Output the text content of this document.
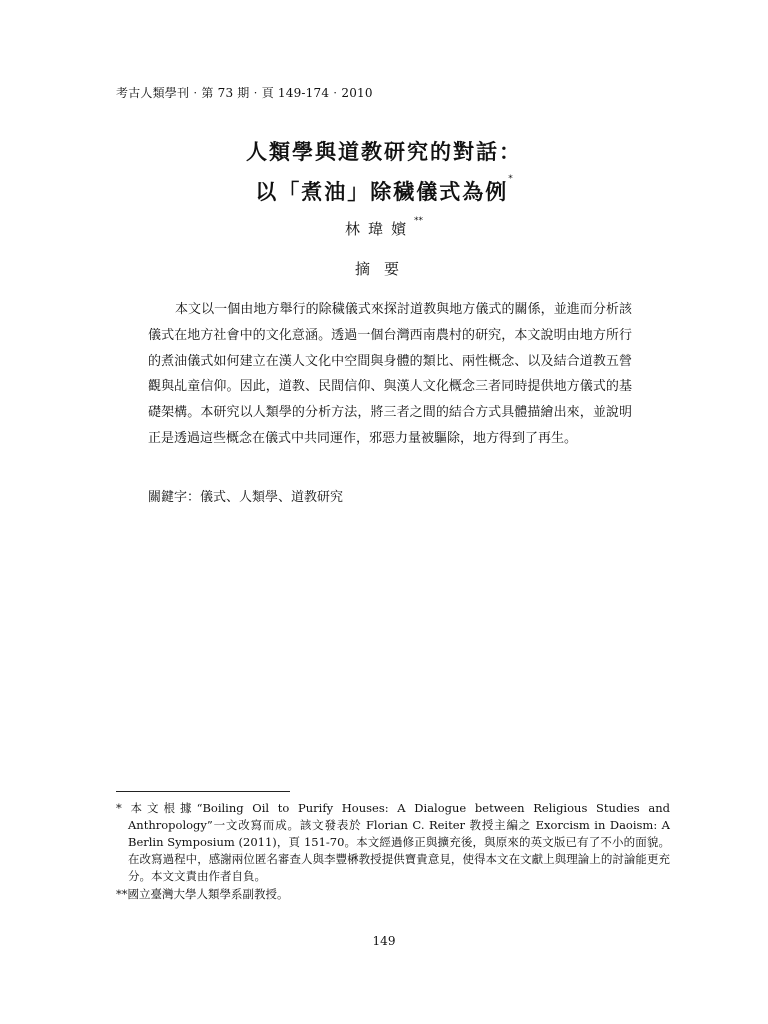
考古人類學刊‧第 73 期‧頁 149-174‧2010
人類學與道教研究的對話：
以「煮油」除穢儀式為例*
林瑋嬪**
摘要

本文以一個由地方舉行的除穢儀式來探討道教與地方儀式的關係，並進而分析該儀式在地方社會中的文化意涵。透過一個台灣西南農村的研究，本文說明由地方所行的煮油儀式如何建立在漢人文化中空間與身體的類比、兩性概念、以及結合道教五營觀與乩童信仰。因此，道教、民間信仰、與漢人文化概念三者同時提供地方儀式的基礎架構。本研究以人類學的分析方法，將三者之間的結合方式具體描繪出來，並說明正是透過這些概念在儀式中共同運作，邪惡力量被驅除，地方得到了再生。

關鍵字：儀式、人類學、道教研究

* 本文根據“Boiling Oil to Purify Houses: A Dialogue between Religious Studies and Anthropology”一文改寫而成。該文發表於 Florian C. Reiter 教授主編之 Exorcism in Daoism: A Berlin Symposium (2011)，頁 151-70。本文經過修正與擴充後，與原來的英文版已有了不小的面貌。在改寫過程中，感謝兩位匿名審查人與李豐楙教授提供寶貴意見，使得本文在文獻上與理論上的討論能更充分。本文文責由作者自負。

**國立臺灣大學人類學系副教授。

149
